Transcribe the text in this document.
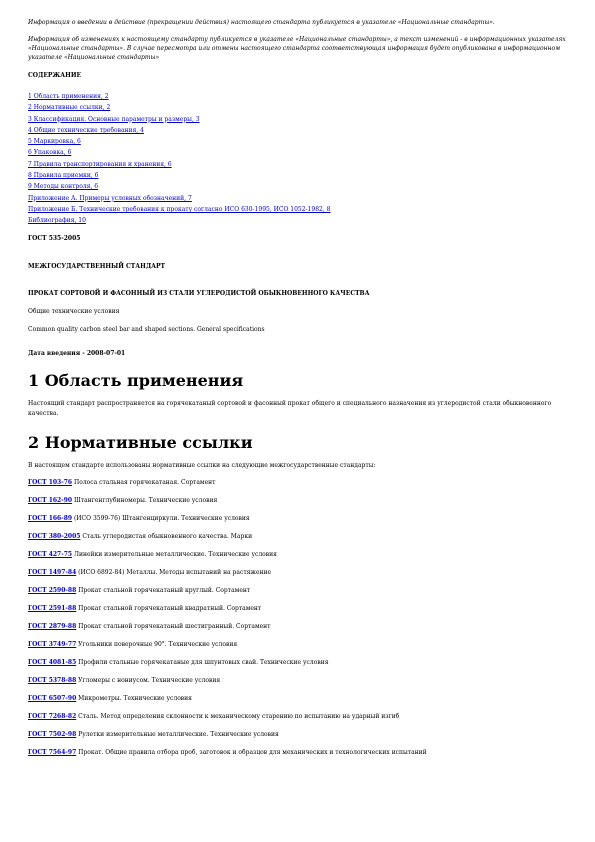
Информация о введении в действие (прекращении действия) настоящего стандарта публикуется в указателе «Национальные стандарты».

Информация об изменениях к настоящему стандарту публикуется в указателе «Национальные стандарты», а текст изменений - в информационных указателях «Национальные стандарты». В случае пересмотра или отмены настоящего стандарта соответствующая информация будет опубликована в информационном указателе «Национальные стандарты»

СОДЕРЖАНИЕ
1 Область применения, 2
2 Нормативные ссылки, 2
3 Классификация. Основные параметры и размеры, 3
4 Общие технические требования, 4
5 Маркировка, 6
6 Упаковка, 6
7 Правила транспортирования и хранения, 6
8 Правила приемки, 6
9 Методы контроля, 6
Приложение А. Примеры условных обозначений, 7
Приложение Б. Технические требования к прокату согласно ИСО 630-1995, ИСО 1052-1982, 8
Библиография, 10
ГОСТ 535-2005
МЕЖГОСУДАРСТВЕННЫЙ СТАНДАРТ
ПРОКАТ СОРТОВОЙ И ФАСОННЫЙ ИЗ СТАЛИ УГЛЕРОДИСТОЙ ОБЫКНОВЕННОГО КАЧЕСТВА
Общие технические условия
Common quality carbon steel bar and shaped sections. General specifications
Дата введения - 2008-07-01
1 Область применения

Настоящий стандарт распространяется на горячекатаный сортовой и фасонный прокат общего и специального назначения из углеродистой стали обыкновенного качества.

2 Нормативные ссылки

В настоящем стандарте использованы нормативные ссылки на следующие межгосударственные стандарты:

ГОСТ 103-76 Полоса стальная горячекатаная. Сортамент
ГОСТ 162-90 Штангенглубиномеры. Технические условия
ГОСТ 166-89 (ИСО 3599-76) Штангенциркули. Технические условия
ГОСТ 380-2005 Сталь углеродистая обыкновенного качества. Марки
ГОСТ 427-75 Линейки измерительные металлические. Технические условия
ГОСТ 1497-84 (ИСО 6892-84) Металлы. Методы испытаний на растяжение
ГОСТ 2590-88 Прокат стальной горячекатаный круглый. Сортамент
ГОСТ 2591-88 Прокат стальной горячекатаный квадратный. Сортамент
ГОСТ 2879-88 Прокат стальной горячекатаный шестигранный. Сортамент
ГОСТ 3749-77 Угольники поверочные 90°. Технические условия
ГОСТ 4081-85 Профили стальные горячекатаные для шпунтовых свай. Технические условия
ГОСТ 5378-88 Угломеры с нониусом. Технические условия
ГОСТ 6507-90 Микрометры. Технические условия
ГОСТ 7268-82 Сталь. Метод определения склонности к механическому старению по испытанию на ударный изгиб
ГОСТ 7502-98 Рулетки измерительные металлические. Технические условия
ГОСТ 7564-97 Прокат. Общие правила отбора проб, заготовок и образцов для механических и технологических испытаний
